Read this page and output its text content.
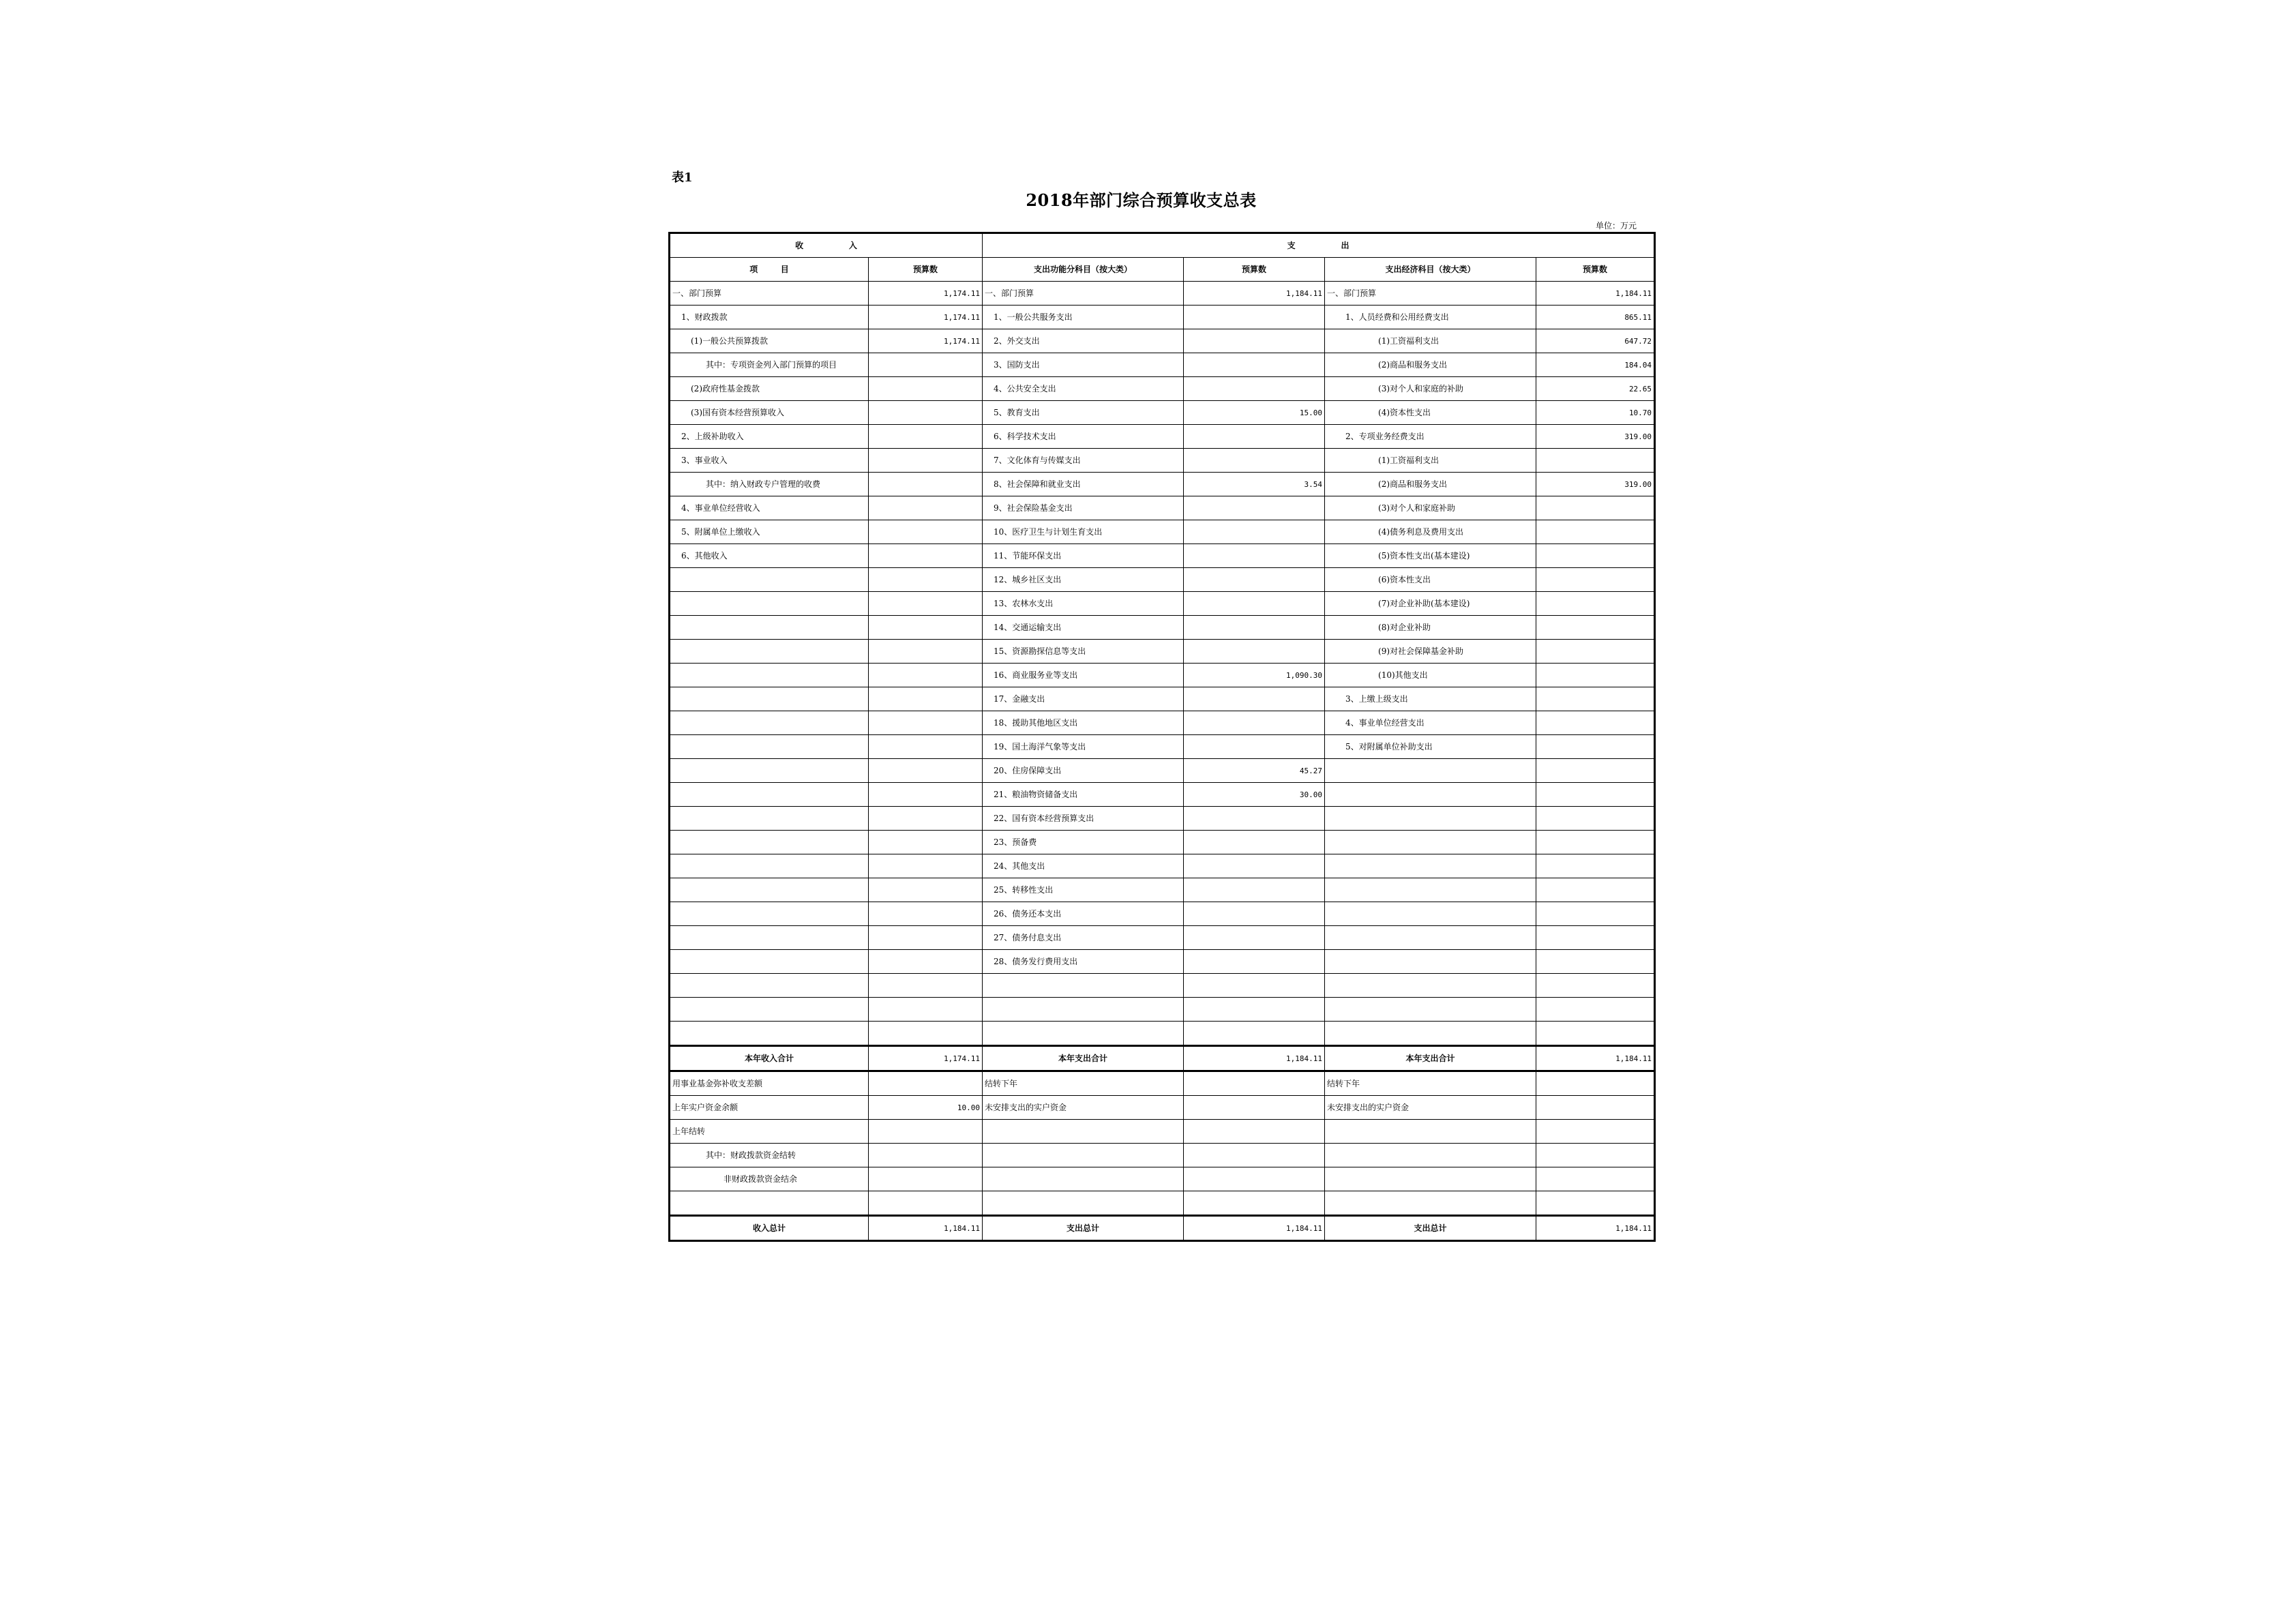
表1
2018年部门综合预算收支总表
单位：万元
收                入		支                出			
项        目	预算数	支出功能分科目（按大类）	预算数	支出经济科目（按大类）	预算数
一、部门预算	1,174.11	一、部门预算	1,184.11	一、部门预算	1,184.11
1、财政拨款	1,174.11	1、一般公共服务支出		1、人员经费和公用经费支出	865.11
(1)一般公共预算拨款	1,174.11	2、外交支出		(1)工资福利支出	647.72
其中：专项资金列入部门预算的项目		3、国防支出		(2)商品和服务支出	184.04
(2)政府性基金拨款		4、公共安全支出		(3)对个人和家庭的补助	22.65
(3)国有资本经营预算收入		5、教育支出	15.00	(4)资本性支出	10.70
2、上级补助收入		6、科学技术支出		2、专项业务经费支出	319.00
3、事业收入		7、文化体育与传媒支出		(1)工资福利支出	
其中：纳入财政专户管理的收费		8、社会保障和就业支出	3.54	(2)商品和服务支出	319.00
4、事业单位经营收入		9、社会保险基金支出		(3)对个人和家庭补助	
5、附属单位上缴收入		10、医疗卫生与计划生育支出		(4)债务利息及费用支出	
6、其他收入		11、节能环保支出		(5)资本性支出(基本建设)	
		12、城乡社区支出		(6)资本性支出	
		13、农林水支出		(7)对企业补助(基本建设)	
		14、交通运输支出		(8)对企业补助	
		15、资源勘探信息等支出		(9)对社会保障基金补助	
		16、商业服务业等支出	1,090.30	(10)其他支出	
		17、金融支出		3、上缴上级支出	
		18、援助其他地区支出		4、事业单位经营支出	
		19、国土海洋气象等支出		5、对附属单位补助支出	
		20、住房保障支出	45.27		
		21、粮油物资储备支出	30.00		
		22、国有资本经营预算支出			
		23、预备费			
		24、其他支出			
		25、转移性支出			
		26、债务还本支出			
		27、债务付息支出			
		28、债务发行费用支出			

本年收入合计	1,174.11	本年支出合计	1,184.11	本年支出合计	1,184.11
用事业基金弥补收支差额		结转下年		结转下年	
上年实户资金余额	10.00	未安排支出的实户资金		未安排支出的实户资金	
上年结转					
其中：财政拨款资金结转					
非财政拨款资金结余					

收入总计	1,184.11	支出总计	1,184.11	支出总计	1,184.11
